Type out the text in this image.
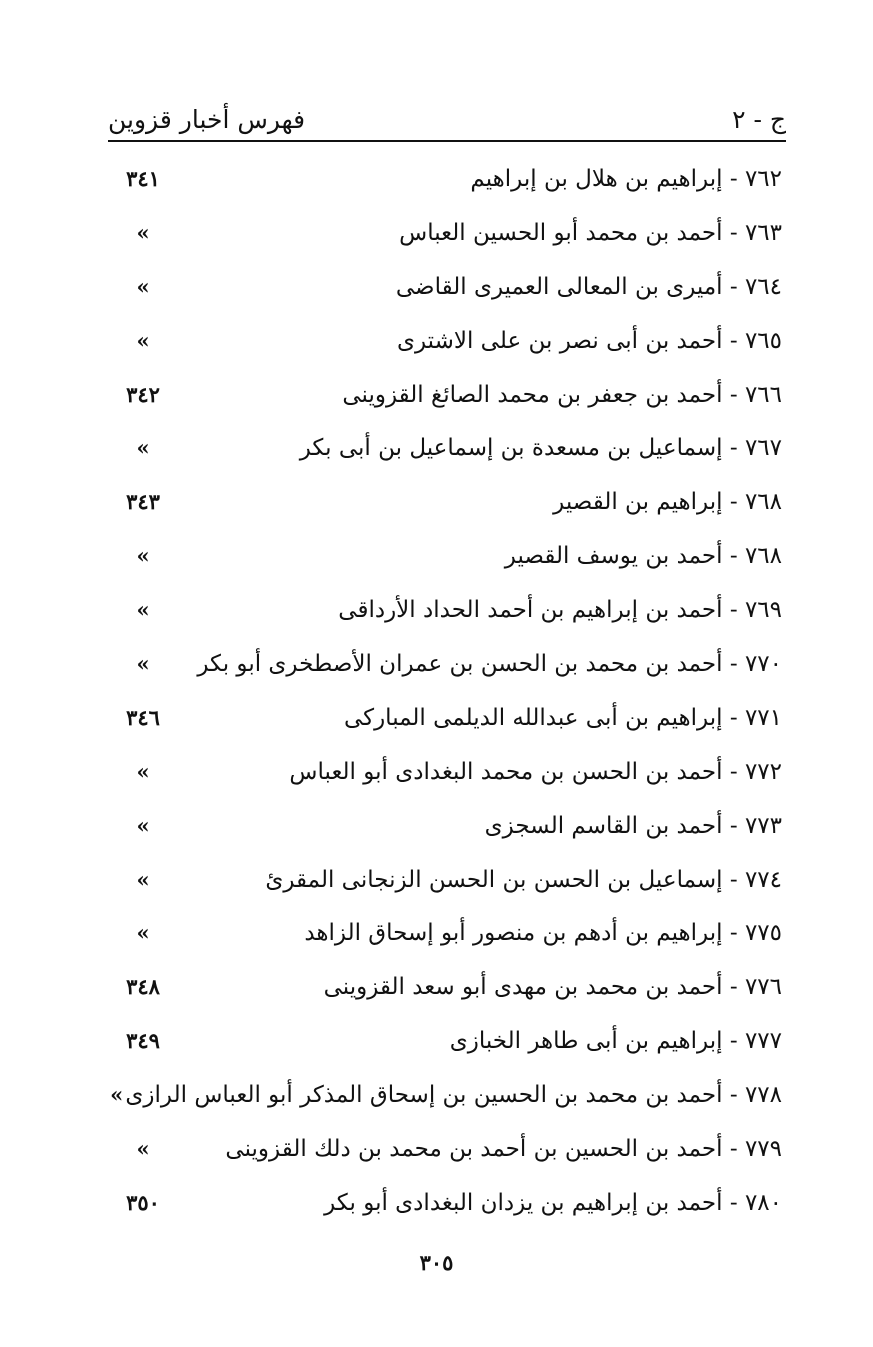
فهرس أخبار قزوين	ج - ٢
٧٦٢ - إبراهيم بن هلال بن إبراهيم
٣٤١
٧٦٣ - أحمد بن محمد أبو الحسين العباس
»
٧٦٤ - أميرى بن المعالى العميرى القاضى
»
٧٦٥ - أحمد بن أبى نصر بن على الاشترى
»
٧٦٦ - أحمد بن جعفر بن محمد الصائغ القزوينى
٣٤٢
٧٦٧ - إسماعيل بن مسعدة بن إسماعيل بن أبى بكر
»
٧٦٨ - إبراهيم بن القصير
٣٤٣
٧٦٨ - أحمد بن يوسف القصير
»
٧٦٩ - أحمد بن إبراهيم بن أحمد الحداد الأرداقى
»
٧٧٠ - أحمد بن محمد بن الحسن بن عمران الأصطخرى أبو بكر
»
٧٧١ - إبراهيم بن أبى عبدالله الديلمى المباركى
٣٤٦
٧٧٢ - أحمد بن الحسن بن محمد البغدادى أبو العباس
»
٧٧٣ - أحمد بن القاسم السجزى
»
٧٧٤ - إسماعيل بن الحسن بن الحسن الزنجانى المقرئ
»
٧٧٥ - إبراهيم بن أدهم بن منصور أبو إسحاق الزاهد
»
٧٧٦ - أحمد بن محمد بن مهدى أبو سعد القزوينى
٣٤٨
٧٧٧ - إبراهيم بن أبى طاهر الخبازى
٣٤٩
٧٧٨ - أحمد بن محمد بن الحسين بن إسحاق المذكر أبو العباس الرازى
»
٧٧٩ - أحمد بن الحسين بن أحمد بن محمد بن دلك القزوينى
»
٧٨٠ - أحمد بن إبراهيم بن يزدان البغدادى أبو بكر
٣٥٠
٣٠٥
